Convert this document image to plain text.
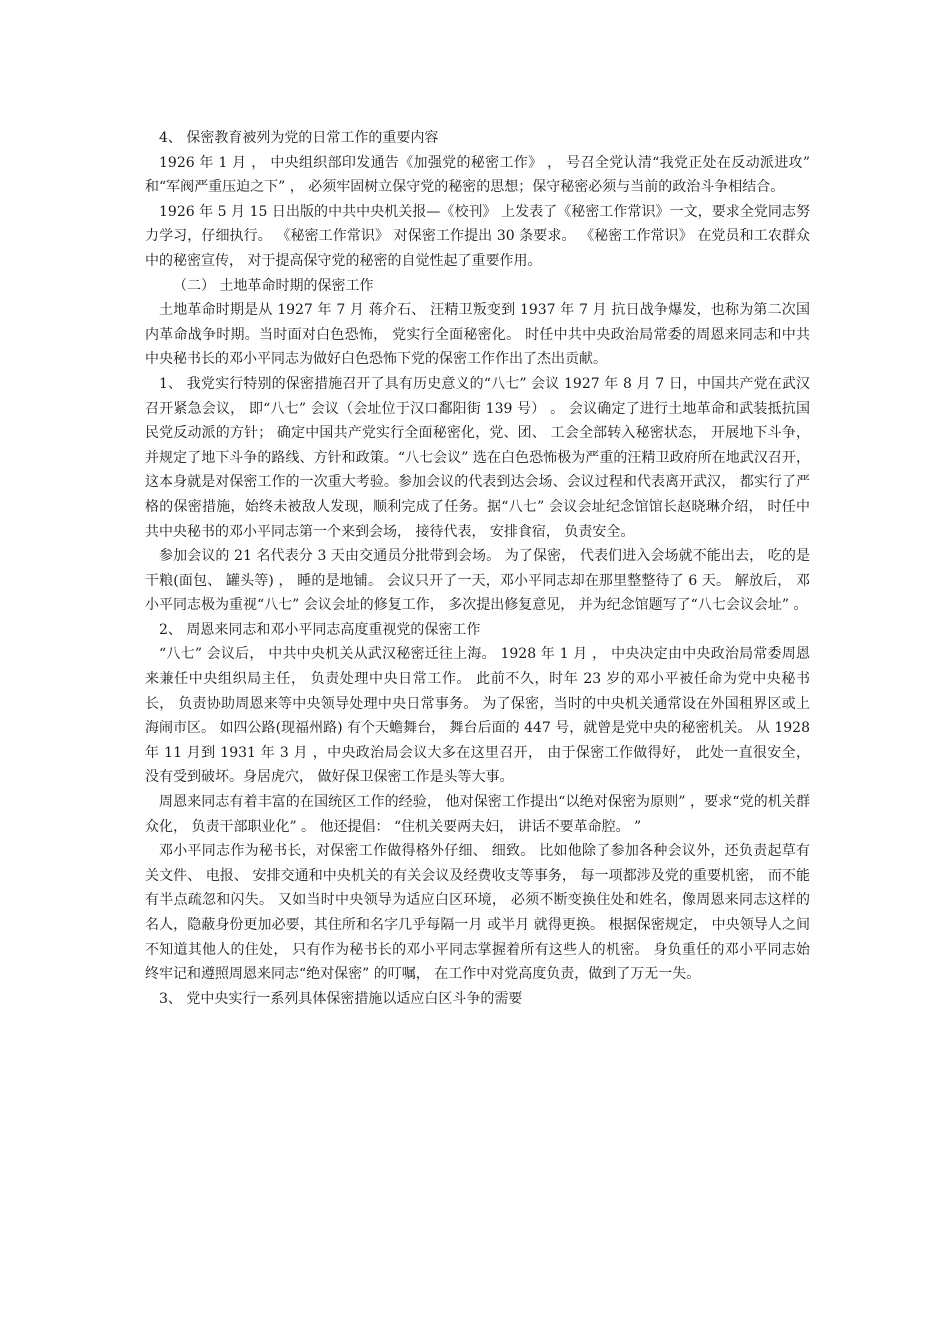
4、 保密教育被列为党的日常工作的重要内容

1926 年 1 月 ， 中央组织部印发通告《加强党的秘密工作》 ， 号召全党认清“我党正处在反动派进攻” 和“军阀严重压迫之下” ， 必须牢固树立保守党的秘密的思想；保守秘密必须与当前的政治斗争相结合。

1926 年 5 月 15 日出版的中共中央机关报—《校刊》 上发表了《秘密工作常识》一文，要求全党同志努力学习，仔细执行。 《秘密工作常识》 对保密工作提出 30 条要求。 《秘密工作常识》 在党员和工农群众中的秘密宣传， 对于提高保守党的秘密的自觉性起了重要作用。

（二） 土地革命时期的保密工作

土地革命时期是从 1927 年 7 月 蒋介石、 汪精卫叛变到 1937 年 7 月 抗日战争爆发，也称为第二次国内革命战争时期。当时面对白色恐怖， 党实行全面秘密化。 时任中共中央政治局常委的周恩来同志和中共中央秘书长的邓小平同志为做好白色恐怖下党的保密工作作出了杰出贡献。

1、 我党实行特别的保密措施召开了具有历史意义的“八七” 会议 1927 年 8 月 7 日，中国共产党在武汉召开紧急会议， 即“八七” 会议（会址位于汉口鄱阳街 139 号） 。 会议确定了进行土地革命和武装抵抗国民党反动派的方针； 确定中国共产党实行全面秘密化，党、团、 工会全部转入秘密状态， 开展地下斗争， 并规定了地下斗争的路线、方针和政策。“八七会议” 选在白色恐怖极为严重的汪精卫政府所在地武汉召开， 这本身就是对保密工作的一次重大考验。参加会议的代表到达会场、会议过程和代表离开武汉， 都实行了严格的保密措施，始终未被敌人发现，顺利完成了任务。据“八七” 会议会址纪念馆馆长赵晓琳介绍， 时任中共中央秘书的邓小平同志第一个来到会场， 接待代表， 安排食宿， 负责安全。

参加会议的 21 名代表分 3 天由交通员分批带到会场。 为了保密， 代表们进入会场就不能出去， 吃的是干粮(面包、 罐头等) ， 睡的是地铺。 会议只开了一天，邓小平同志却在那里整整待了 6 天。 解放后， 邓小平同志极为重视“八七” 会议会址的修复工作， 多次提出修复意见， 并为纪念馆题写了“八七会议会址” 。

2、 周恩来同志和邓小平同志高度重视党的保密工作

“八七” 会议后， 中共中央机关从武汉秘密迁往上海。 1928 年 1 月 ， 中央决定由中央政治局常委周恩来兼任中央组织局主任， 负责处理中央日常工作。 此前不久，时年 23 岁的邓小平被任命为党中央秘书长， 负责协助周恩来等中央领导处理中央日常事务。 为了保密，当时的中央机关通常设在外国租界区或上海闹市区。 如四公路(现福州路) 有个天蟾舞台， 舞台后面的 447 号，就曾是党中央的秘密机关。 从 1928 年 11 月到 1931 年 3 月 ，中央政治局会议大多在这里召开， 由于保密工作做得好， 此处一直很安全， 没有受到破坏。身居虎穴， 做好保卫保密工作是头等大事。

周恩来同志有着丰富的在国统区工作的经验， 他对保密工作提出“以绝对保密为原则” ，要求“党的机关群众化， 负责干部职业化” 。 他还提倡： “住机关要两夫妇， 讲话不要革命腔。 ”

邓小平同志作为秘书长，对保密工作做得格外仔细、 细致。 比如他除了参加各种会议外，还负责起草有关文件、 电报、 安排交通和中央机关的有关会议及经费收支等事务， 每一项都涉及党的重要机密， 而不能有半点疏忽和闪失。 又如当时中央领导为适应白区环境， 必须不断变换住处和姓名，像周恩来同志这样的名人，隐蔽身份更加必要，其住所和名字几乎每隔一月 或半月 就得更换。 根据保密规定， 中央领导人之间不知道其他人的住处， 只有作为秘书长的邓小平同志掌握着所有这些人的机密。 身负重任的邓小平同志始终牢记和遵照周恩来同志“绝对保密” 的叮嘱， 在工作中对党高度负责，做到了万无一失。

3、 党中央实行一系列具体保密措施以适应白区斗争的需要
